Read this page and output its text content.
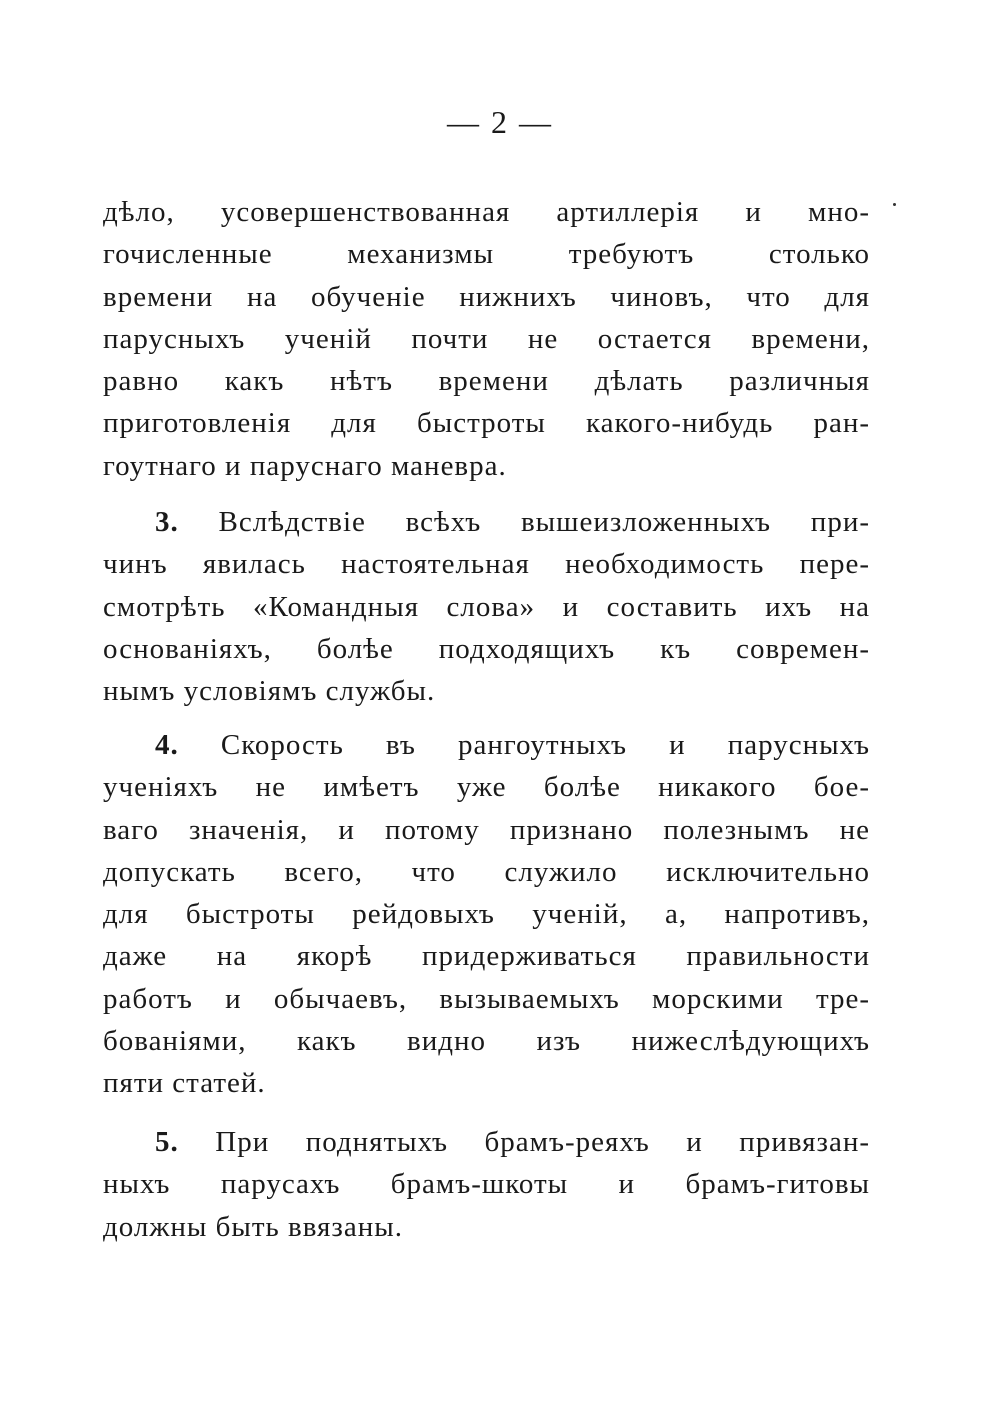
— 2 —
дѣло, усовершенствованная артиллерія и мно-
гочисленные механизмы требуютъ столько
времени на обученіе нижнихъ чиновъ, что для
парусныхъ ученій почти не остается времени,
равно какъ нѣтъ времени дѣлать различныя
приготовленія для быстроты какого-нибудь ран-
гоутнаго и паруснаго маневра.
3. Вслѣдствіе всѣхъ вышеизложенныхъ при-
чинъ явилась настоятельная необходимость пере-
смотрѣть «Командныя слова» и составить ихъ на
основаніяхъ, болѣе подходящихъ къ современ-
нымъ условіямъ службы.
4. Скорость въ рангоутныхъ и парусныхъ
ученіяхъ не имѣетъ уже болѣе никакого бое-
ваго значенія, и потому признано полезнымъ не
допускать всего, что служило исключительно
для быстроты рейдовыхъ ученій, а, напротивъ,
даже на якорѣ придерживаться правильности
работъ и обычаевъ, вызываемыхъ морскими тре-
бованіями, какъ видно изъ нижеслѣдующихъ
пяти статей.
5. При поднятыхъ брамъ-реяхъ и привязан-
ныхъ парусахъ брамъ-шкоты и брамъ-гитовы
должны быть ввязаны.
